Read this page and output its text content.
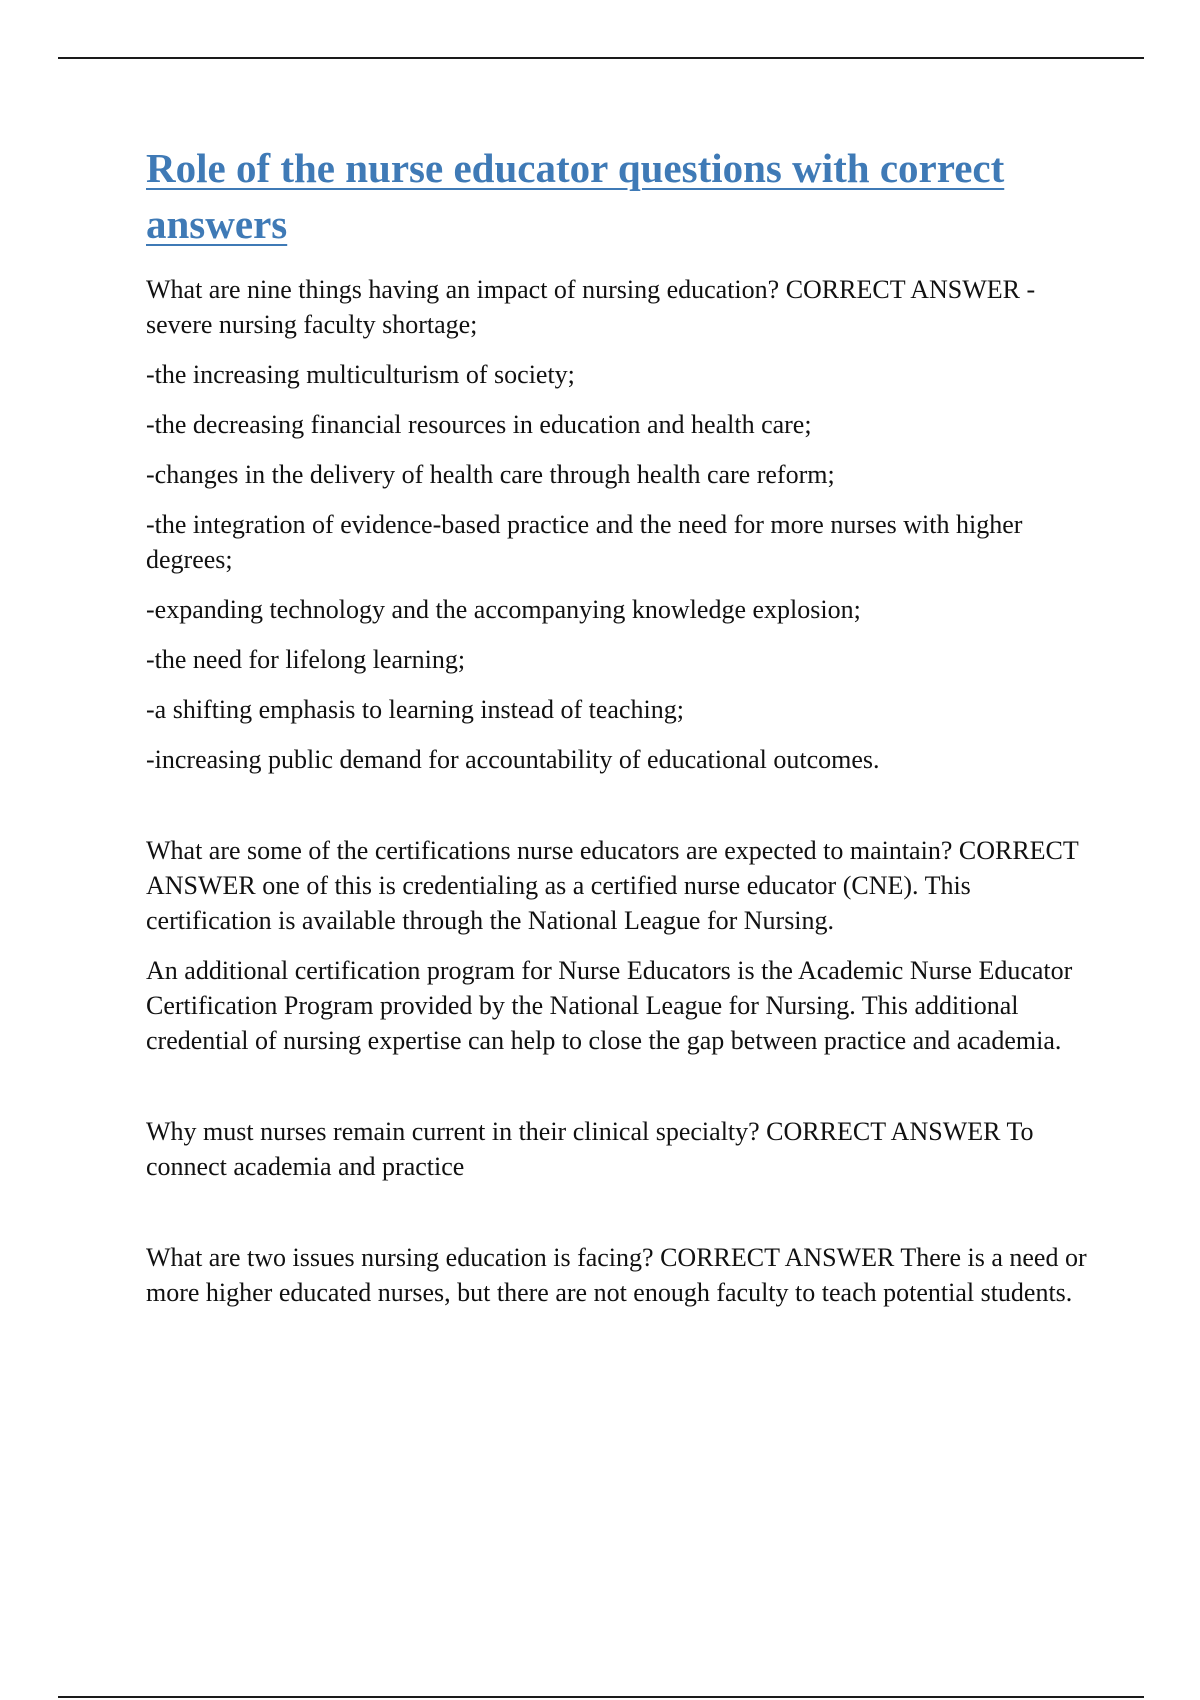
Role of the nurse educator questions with correct answers

What are nine things having an impact of nursing education? CORRECT ANSWER -severe nursing faculty shortage;

-the increasing multiculturism of society;

-the decreasing financial resources in education and health care;

-changes in the delivery of health care through health care reform;

-the integration of evidence-based practice and the need for more nurses with higher degrees;

-expanding technology and the accompanying knowledge explosion;

-the need for lifelong learning;

-a shifting emphasis to learning instead of teaching;

-increasing public demand for accountability of educational outcomes.

What are some of the certifications nurse educators are expected to maintain? CORRECT ANSWER one of this is credentialing as a certified nurse educator (CNE). This certification is available through the National League for Nursing.

An additional certification program for Nurse Educators is the Academic Nurse Educator Certification Program provided by the National League for Nursing. This additional credential of nursing expertise can help to close the gap between practice and academia.

Why must nurses remain current in their clinical specialty? CORRECT ANSWER To connect academia and practice

What are two issues nursing education is facing? CORRECT ANSWER There is a need or more higher educated nurses, but there are not enough faculty to teach potential students.
